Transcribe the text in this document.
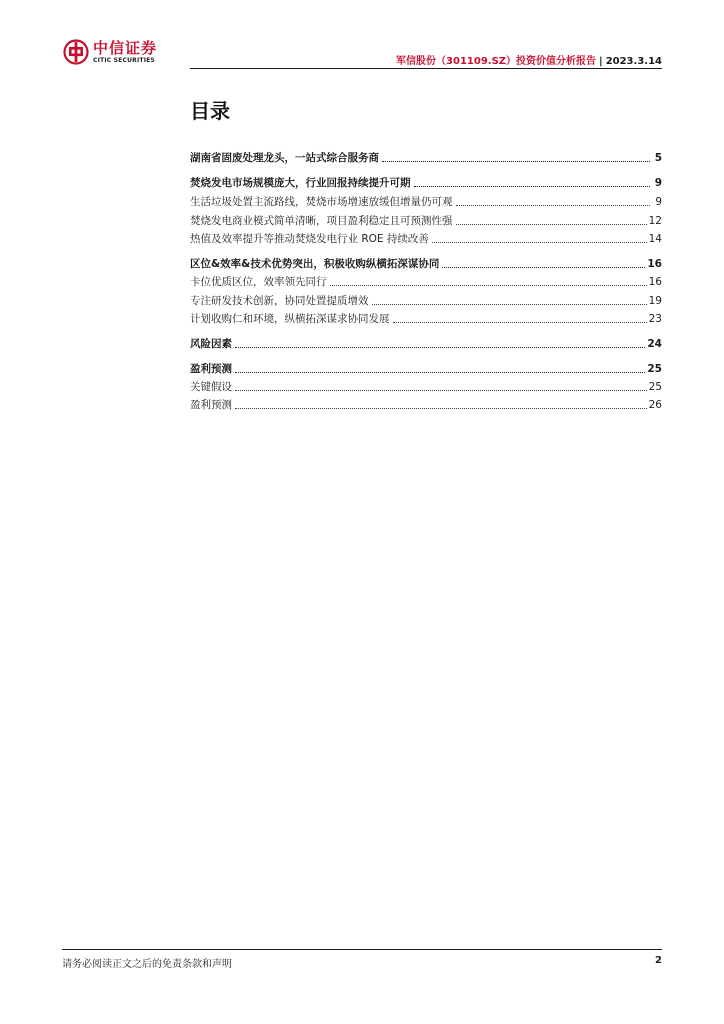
中信证券
CITIC SECURITIES	军信股份（301109.SZ）投资价值分析报告 | 2023.3.14
目录
湖南省固废处理龙头，一站式综合服务商	5
焚烧发电市场规模庞大，行业回报持续提升可期	9
生活垃圾处置主流路线，焚烧市场增速放缓但增量仍可观	9
焚烧发电商业模式简单清晰，项目盈利稳定且可预测性强	12
热值及效率提升等推动焚烧发电行业 ROE 持续改善	14
区位&效率&技术优势突出，积极收购纵横拓深谋协同	16
卡位优质区位，效率领先同行	16
专注研发技术创新，协同处置提质增效	19
计划收购仁和环境，纵横拓深谋求协同发展	23
风险因素	24
盈利预测	25
关键假设	25
盈利预测	26
请务必阅读正文之后的免责条款和声明	2
